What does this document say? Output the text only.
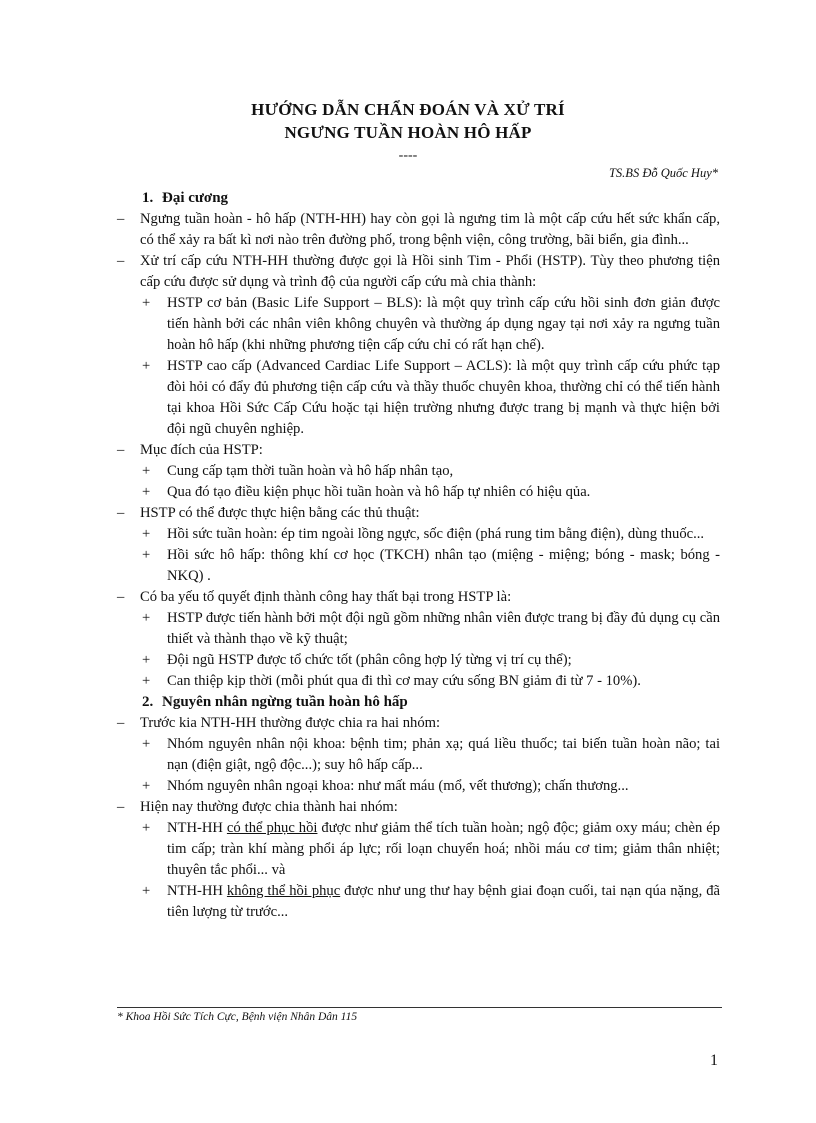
HƯỚNG DẪN CHẨN ĐOÁN VÀ XỬ TRÍ
NGƯNG TUẦN HOÀN HÔ HẤP
----
TS.BS Đỗ Quốc Huy*
1. Đại cương
– Ngưng tuần hoàn - hô hấp (NTH-HH) hay còn gọi là ngưng tim là một cấp cứu hết sức khẩn cấp, có thể xảy ra bất kì nơi nào trên đường phố, trong bệnh viện, công trường, bãi biển, gia đình...
– Xử trí cấp cứu NTH-HH thường được gọi là Hồi sinh Tim - Phổi (HSTP). Tùy theo phương tiện cấp cứu được sử dụng và trình độ của người cấp cứu mà chia thành:
+ HSTP cơ bản (Basic Life Support – BLS): là một quy trình cấp cứu hồi sinh đơn giản được tiến hành bởi các nhân viên không chuyên và thường áp dụng ngay tại nơi xảy ra ngưng tuần hoàn hô hấp (khi những phương tiện cấp cứu chỉ có rất hạn chế).
+ HSTP cao cấp (Advanced Cardiac Life Support – ACLS): là một quy trình cấp cứu phức tạp đòi hỏi có đẩy đủ phương tiện cấp cứu và thầy thuốc chuyên khoa, thường chỉ có thể tiến hành tại khoa Hồi Sức Cấp Cứu hoặc tại hiện trường nhưng được trang bị mạnh và thực hiện bởi đội ngũ chuyên nghiệp.
– Mục đích của HSTP:
+ Cung cấp tạm thời tuần hoàn và hô hấp nhân tạo,
+ Qua đó tạo điều kiện phục hồi tuần hoàn và hô hấp tự nhiên có hiệu qủa.
– HSTP có thể được thực hiện bằng các thủ thuật:
+ Hồi sức tuần hoàn: ép tim ngoài lồng ngực, sốc điện (phá rung tim bằng điện), dùng thuốc...
+ Hồi sức hô hấp: thông khí cơ học (TKCH) nhân tạo (miệng - miệng; bóng - mask; bóng - NKQ) .
– Có ba yếu tố quyết định thành công hay thất bại trong HSTP là:
+ HSTP được tiến hành bởi một đội ngũ gồm những nhân viên được trang bị đầy đủ dụng cụ cần thiết và thành thạo về kỹ thuật;
+ Đội ngũ HSTP được tổ chức tốt (phân công hợp lý từng vị trí cụ thể);
+ Can thiệp kịp thời (mỗi phút qua đi thì cơ may cứu sống BN giảm đi từ 7 - 10%).
2. Nguyên nhân ngừng tuần hoàn hô hấp
– Trước kia NTH-HH thường được chia ra hai nhóm:
+ Nhóm nguyên nhân nội khoa: bệnh tim; phản xạ; quá liều thuốc; tai biến tuần hoàn não; tai nạn (điện giật, ngộ độc...); suy hô hấp cấp...
+ Nhóm nguyên nhân ngoại khoa: như mất máu (mổ, vết thương); chấn thương...
– Hiện nay thường được chia thành hai nhóm:
+ NTH-HH có thể phục hồi được như giảm thể tích tuần hoàn; ngộ độc; giảm oxy máu; chèn ép tim cấp; tràn khí màng phổi áp lực; rối loạn chuyển hoá; nhồi máu cơ tim; giảm thân nhiệt; thuyên tắc phổi... và
+ NTH-HH không thể hồi phục được như ung thư hay bệnh giai đoạn cuối, tai nạn qúa nặng, đã tiên lượng từ trước...
* Khoa Hồi Sức Tích Cực, Bệnh viện Nhân Dân 115
1
